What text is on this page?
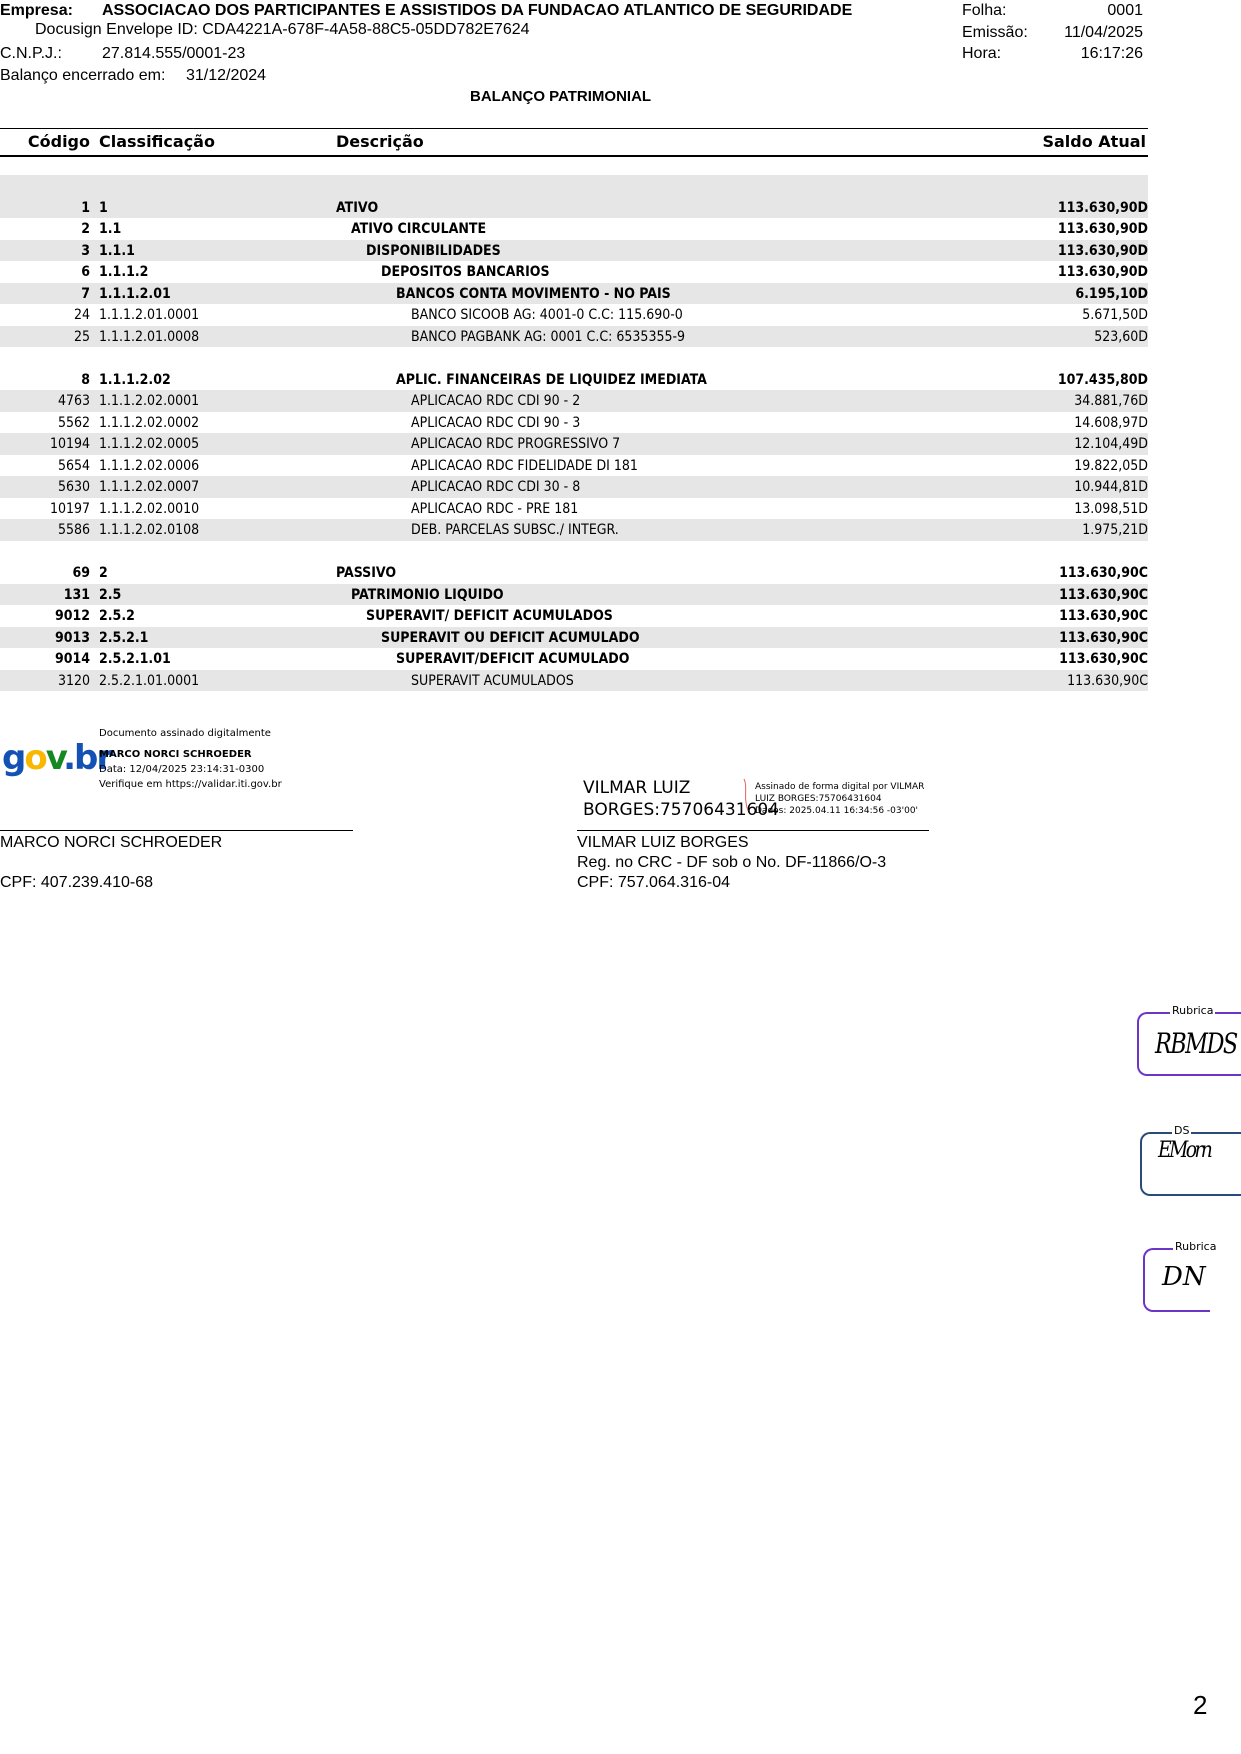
Empresa: ASSOCIACAO DOS PARTICIPANTES E ASSISTIDOS DA FUNDACAO ATLANTICO DE SEGURIDADE
Docusign Envelope ID: CDA4221A-678F-4A58-88C5-05DD782E7624
C.N.P.J.:	27.814.555/0001-23
Balanço encerrado em: 31/12/2024
Folha:	0001
Emissão: 11/04/2025
Hora:	16:17:26
BALANÇO PATRIMONIAL
Código Classificação	Descrição	Saldo Atual
1 1	ATIVO	113.630,90D
2 1.1	ATIVO CIRCULANTE	113.630,90D
3 1.1.1	DISPONIBILIDADES	113.630,90D
6 1.1.1.2	DEPOSITOS BANCARIOS	113.630,90D
7 1.1.1.2.01	BANCOS CONTA MOVIMENTO - NO PAIS	6.195,10D
24 1.1.1.2.01.0001	BANCO SICOOB AG: 4001-0 C.C: 115.690-0	5.671,50D
25 1.1.1.2.01.0008	BANCO PAGBANK AG: 0001 C.C: 6535355-9	523,60D
8 1.1.1.2.02	APLIC. FINANCEIRAS DE LIQUIDEZ IMEDIATA	107.435,80D
4763 1.1.1.2.02.0001	APLICACAO RDC CDI 90 - 2	34.881,76D
5562 1.1.1.2.02.0002	APLICACAO RDC CDI 90 - 3	14.608,97D
10194 1.1.1.2.02.0005	APLICACAO RDC PROGRESSIVO 7	12.104,49D
5654 1.1.1.2.02.0006	APLICACAO RDC FIDELIDADE DI 181	19.822,05D
5630 1.1.1.2.02.0007	APLICACAO RDC CDI 30 - 8	10.944,81D
10197 1.1.1.2.02.0010	APLICACAO RDC - PRE 181	13.098,51D
5586 1.1.1.2.02.0108	DEB. PARCELAS SUBSC./ INTEGR.	1.975,21D
69 2	PASSIVO	113.630,90C
131 2.5	PATRIMONIO LIQUIDO	113.630,90C
9012 2.5.2	SUPERAVIT/ DEFICIT ACUMULADOS	113.630,90C
9013 2.5.2.1	SUPERAVIT OU DEFICIT ACUMULADO	113.630,90C
9014 2.5.2.1.01	SUPERAVIT/DEFICIT ACUMULADO	113.630,90C
3120 2.5.2.1.01.0001	SUPERAVIT ACUMULADOS	113.630,90C
gov.br
Documento assinado digitalmente
MARCO NORCI SCHROEDER
Data: 12/04/2025 23:14:31-0300
Verifique em https://validar.iti.gov.br
MARCO NORCI SCHROEDER
CPF: 407.239.410-68
VILMAR LUIZ
BORGES:75706431604
Assinado de forma digital por VILMAR
LUIZ BORGES:75706431604
Dados: 2025.04.11 16:34:56 -03'00'
VILMAR LUIZ BORGES
Reg. no CRC - DF sob o No. DF-11866/O-3
CPF: 757.064.316-04
Rubrica
RBMDS
DS
EMorn
Rubrica
DN
2
